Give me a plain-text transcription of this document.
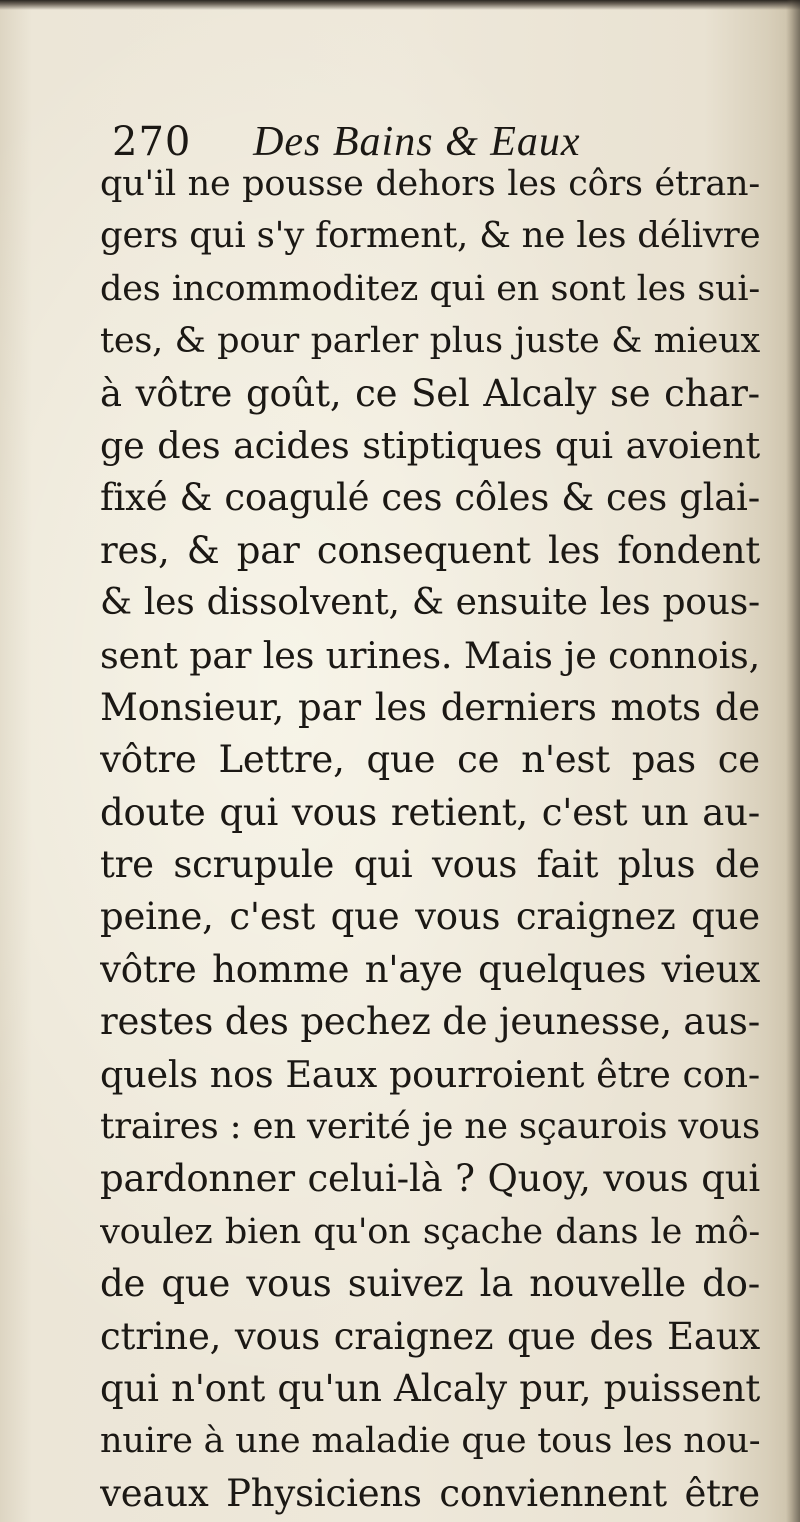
270 Des Bains & Eaux
qu'il ne pousse dehors les côrs étran-
gers qui s'y forment, & ne les délivre
des incommoditez qui en sont les sui-
tes, & pour parler plus juste & mieux
à vôtre goût, ce Sel Alcaly se char-
ge des acides stiptiques qui avoient
fixé & coagulé ces côles & ces glai-
res, & par consequent les fondent
& les dissolvent, & ensuite les pous-
sent par les urines. Mais je connois,
Monsieur, par les derniers mots de
vôtre Lettre, que ce n'est pas ce
doute qui vous retient, c'est un au-
tre scrupule qui vous fait plus de
peine, c'est que vous craignez que
vôtre homme n'aye quelques vieux
restes des pechez de jeunesse, aus-
quels nos Eaux pourroient être con-
traires : en verité je ne sçaurois vous
pardonner celui-là ? Quoy, vous qui
voulez bien qu'on sçache dans le mô-
de que vous suivez la nouvelle do-
ctrine, vous craignez que des Eaux
qui n'ont qu'un Alcaly pur, puissent
nuire à une maladie que tous les nou-
veaux Physiciens conviennent être
